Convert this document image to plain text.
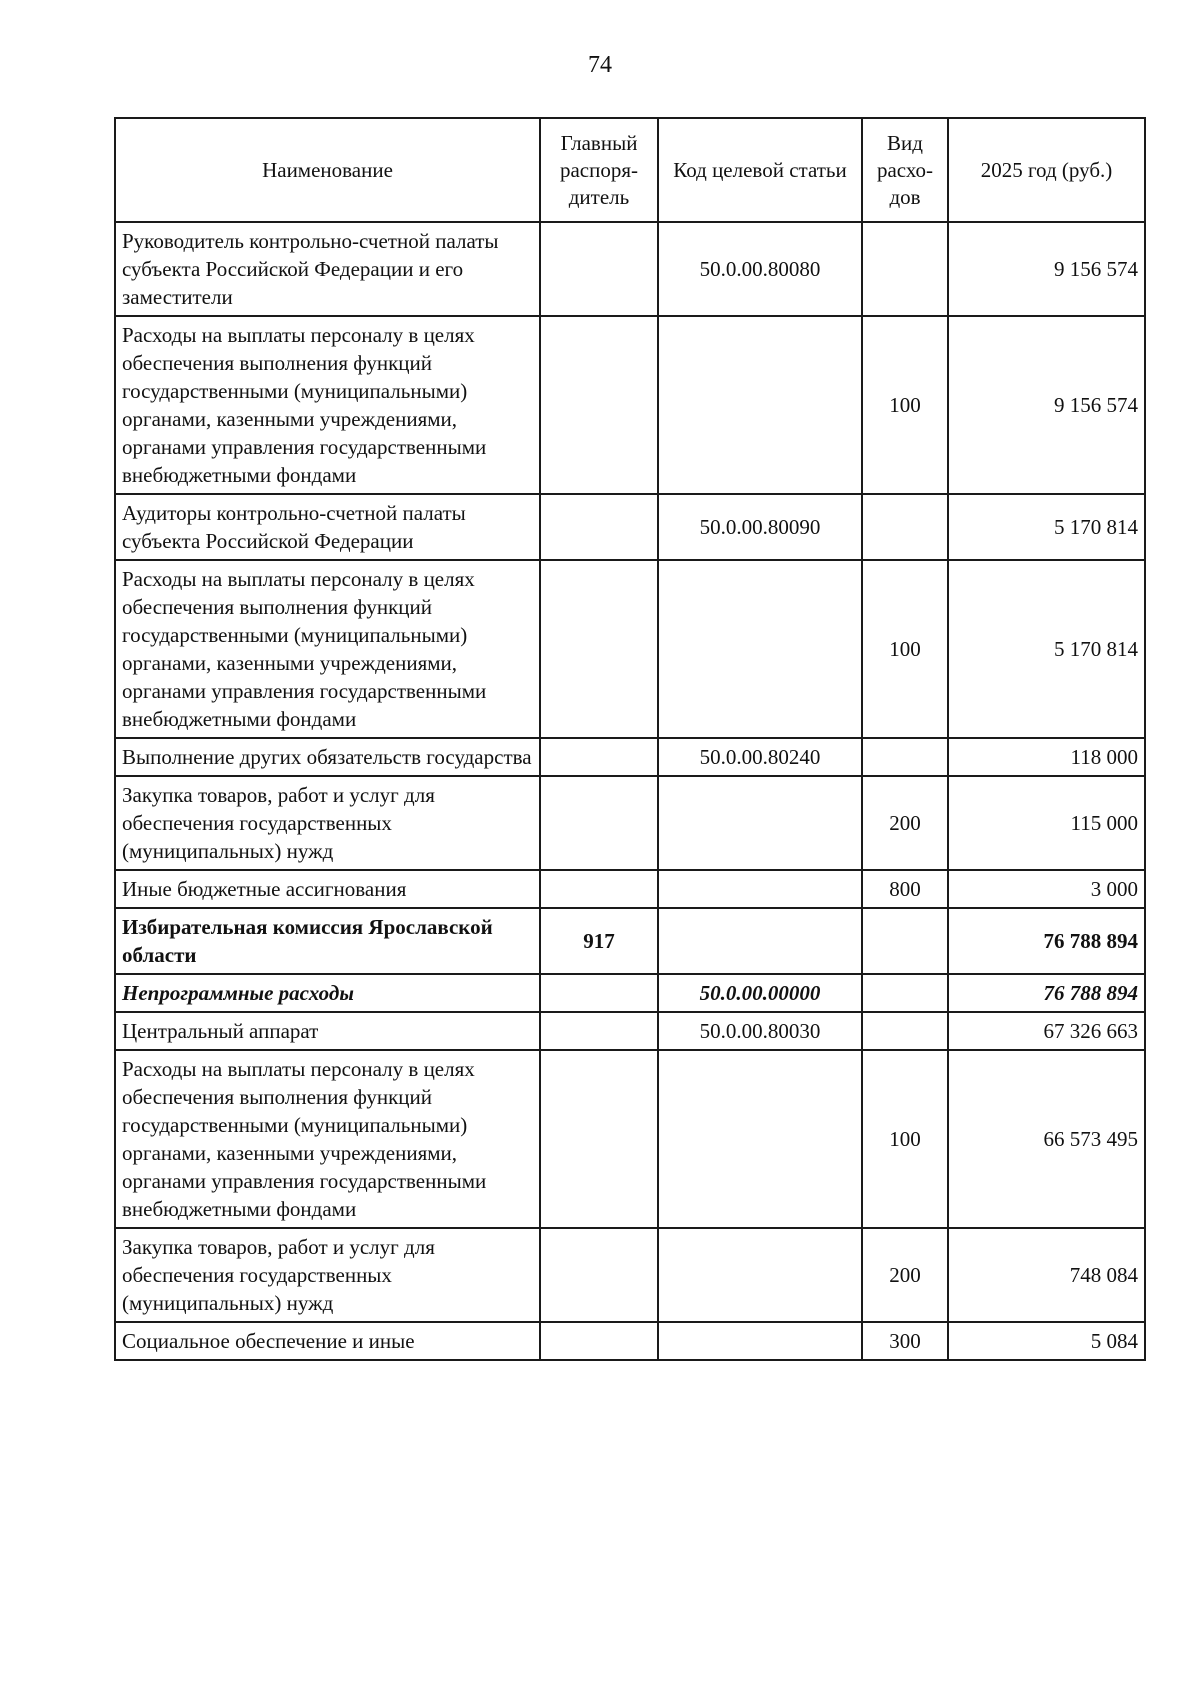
74
Наименование	Главный распоря-дитель	Код целевой статьи	Вид расхо-дов	2025 год (руб.)
Руководитель контрольно-счетной палаты субъекта Российской Федерации и его заместители		50.0.00.80080		9 156 574
Расходы на выплаты персоналу в целях обеспечения выполнения функций государственными (муниципальными) органами, казенными учреждениями, органами управления государственными внебюджетными фондами			100	9 156 574
Аудиторы контрольно-счетной палаты субъекта Российской Федерации		50.0.00.80090		5 170 814
Расходы на выплаты персоналу в целях обеспечения выполнения функций государственными (муниципальными) органами, казенными учреждениями, органами управления государственными внебюджетными фондами			100	5 170 814
Выполнение других обязательств государства		50.0.00.80240		118 000
Закупка товаров, работ и услуг для обеспечения государственных (муниципальных) нужд			200	115 000
Иные бюджетные ассигнования			800	3 000
Избирательная комиссия Ярославской области	917			76 788 894
Непрограммные расходы		50.0.00.00000		76 788 894
Центральный аппарат		50.0.00.80030		67 326 663
Расходы на выплаты персоналу в целях обеспечения выполнения функций государственными (муниципальными) органами, казенными учреждениями, органами управления государственными внебюджетными фондами			100	66 573 495
Закупка товаров, работ и услуг для обеспечения государственных (муниципальных) нужд			200	748 084
Социальное обеспечение и иные			300	5 084
